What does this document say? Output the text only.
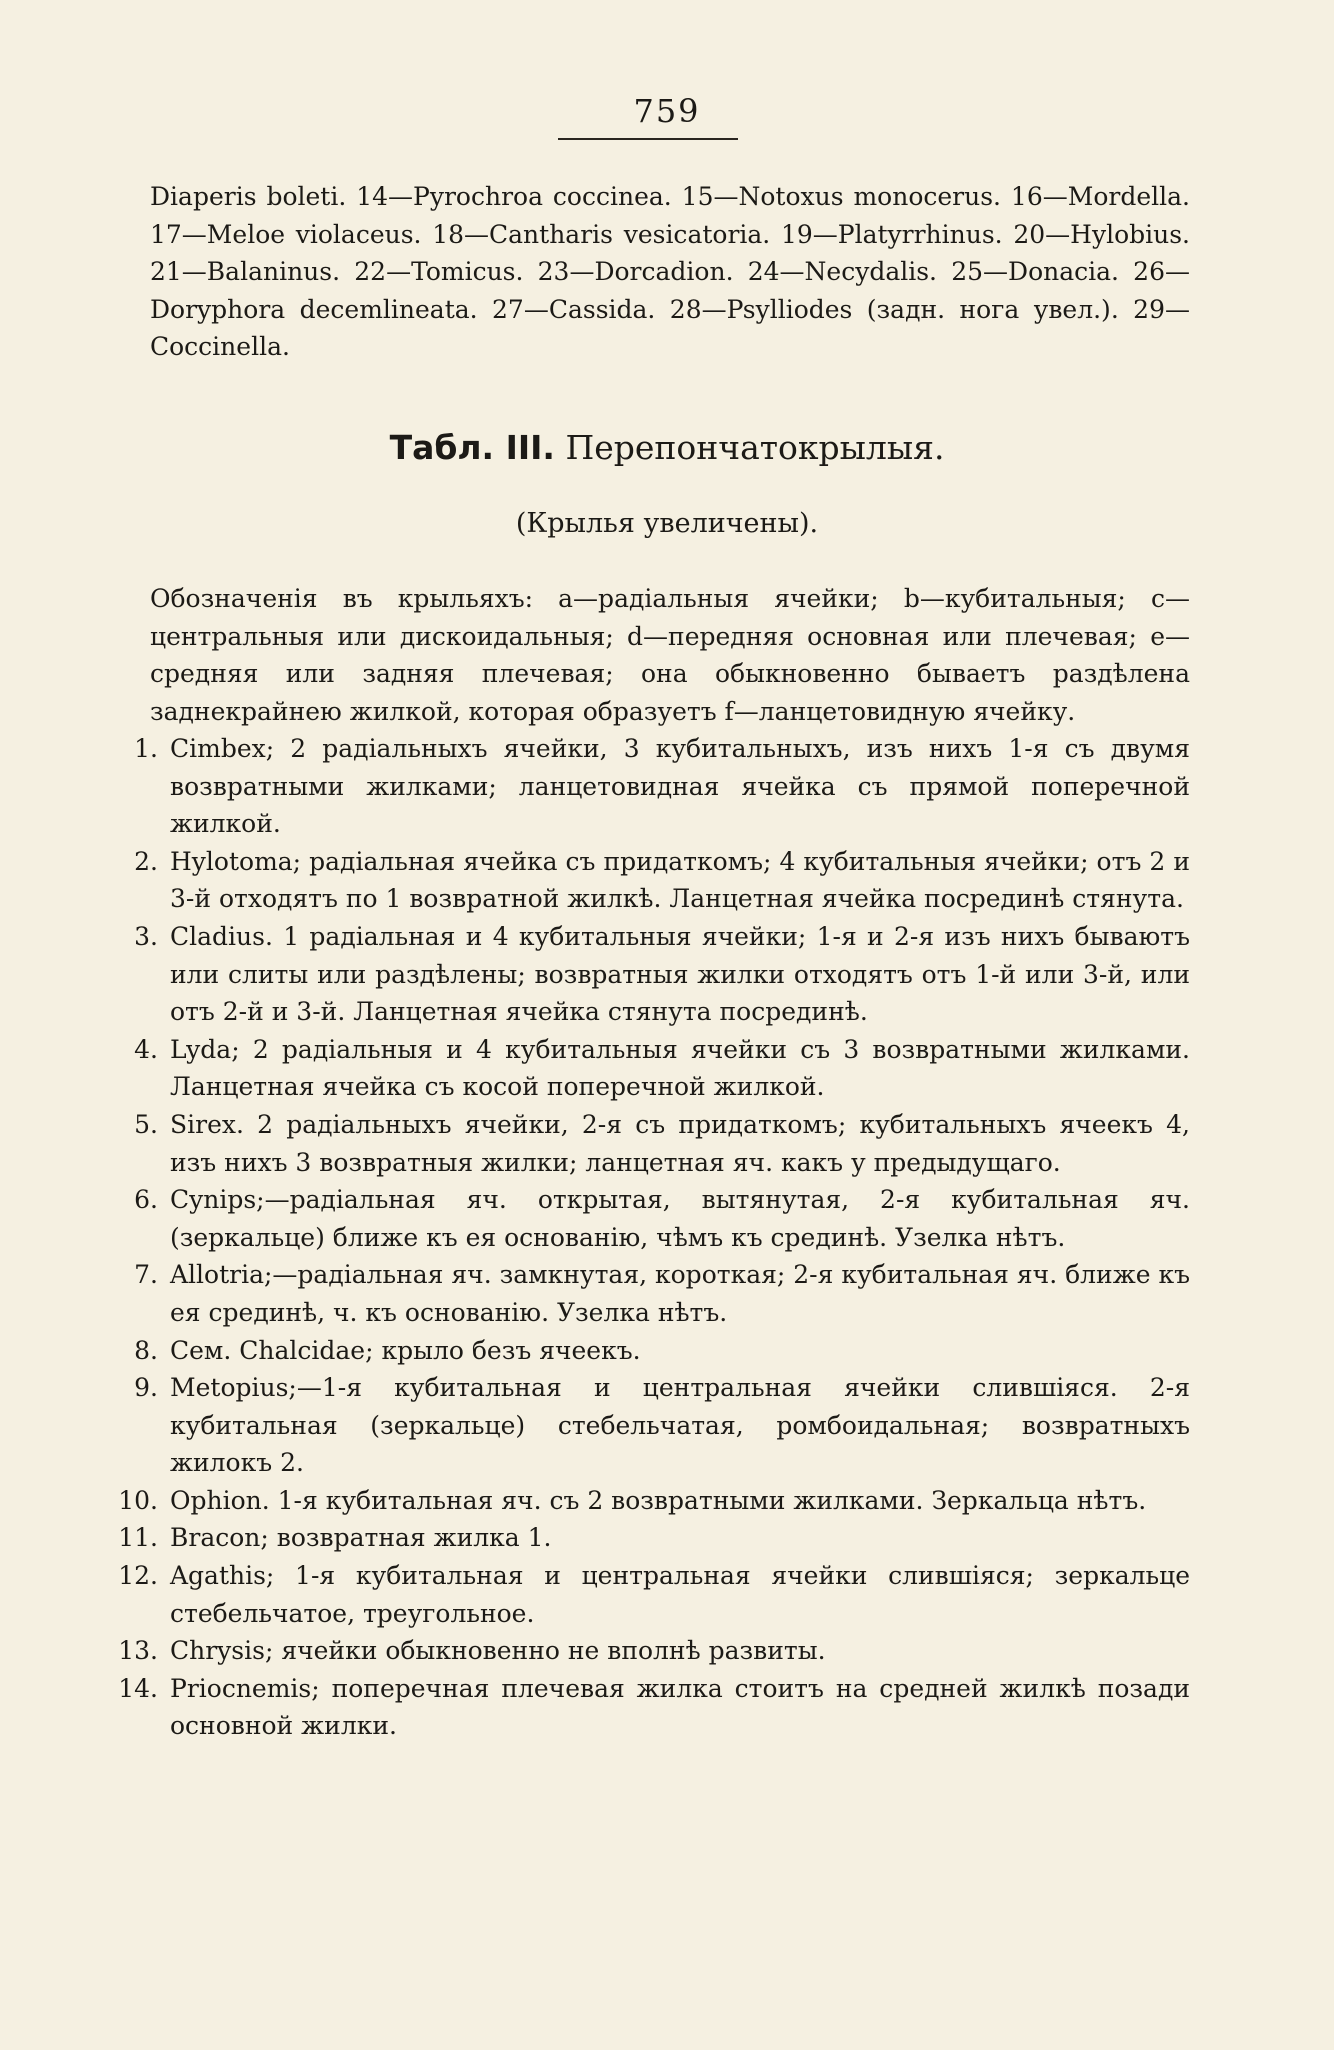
759

Diaperis boleti. 14—Pyrochroa coccinea. 15—Notoxus monocerus. 16—Mordella. 17—Meloe violaceus. 18—Cantharis vesicatoria. 19—Platyrrhinus. 20—Hylobius. 21—Balaninus. 22—Tomicus. 23—Dorcadion. 24—Necydalis. 25—Donacia. 26—Doryphora decemlineata. 27—Cassida. 28—Psylliodes (задн. нога увел.). 29—Coccinella.

Табл. III. Перепончатокрылыя.
(Крылья увеличены).

Обозначенія въ крыльяхъ: a—радіальныя ячейки; b—кубитальныя; c—центральныя или дискоидальныя; d—передняя основная или плечевая; e—средняя или задняя плечевая; она обыкновенно бываетъ раздѣлена заднекрайнею жилкой, которая образуетъ f—ланцетовидную ячейку.

1. Cimbex; 2 радіальныхъ ячейки, 3 кубитальныхъ, изъ нихъ 1-я съ двумя возвратными жилками; ланцетовидная ячейка съ прямой поперечной жилкой.
2. Hylotoma; радіальная ячейка съ придаткомъ; 4 кубитальныя ячейки; отъ 2 и 3-й отходятъ по 1 возвратной жилкѣ. Ланцетная ячейка посрединѣ стянута.
3. Cladius. 1 радіальная и 4 кубитальныя ячейки; 1-я и 2-я изъ нихъ бываютъ или слиты или раздѣлены; возвратныя жилки отходятъ отъ 1-й или 3-й, или отъ 2-й и 3-й. Ланцетная ячейка стянута посрединѣ.
4. Lyda; 2 радіальныя и 4 кубитальныя ячейки съ 3 возвратными жилками. Ланцетная ячейка съ косой поперечной жилкой.
5. Sirex. 2 радіальныхъ ячейки, 2-я съ придаткомъ; кубитальныхъ ячеекъ 4, изъ нихъ 3 возвратныя жилки; ланцетная яч. какъ у предыдущаго.
6. Cynips;—радіальная яч. открытая, вытянутая, 2-я кубитальная яч. (зеркальце) ближе къ ея основанію, чѣмъ къ срединѣ. Узелка нѣтъ.
7. Allotria;—радіальная яч. замкнутая, короткая; 2-я кубитальная яч. ближе къ ея срединѣ, ч. къ основанію. Узелка нѣтъ.
8. Сем. Chalcidae; крыло безъ ячеекъ.
9. Metopius;—1-я кубитальная и центральная ячейки слившіяся. 2-я кубитальная (зеркальце) стебельчатая, ромбоидальная; возвратныхъ жилокъ 2.
10. Ophion. 1-я кубитальная яч. съ 2 возвратными жилками. Зеркальца нѣтъ.
11. Bracon; возвратная жилка 1.
12. Agathis; 1-я кубитальная и центральная ячейки слившіяся; зеркальце стебельчатое, треугольное.
13. Chrysis; ячейки обыкновенно не вполнѣ развиты.
14. Prioсnemis; поперечная плечевая жилка стоитъ на средней жилкѣ позади основной жилки.
